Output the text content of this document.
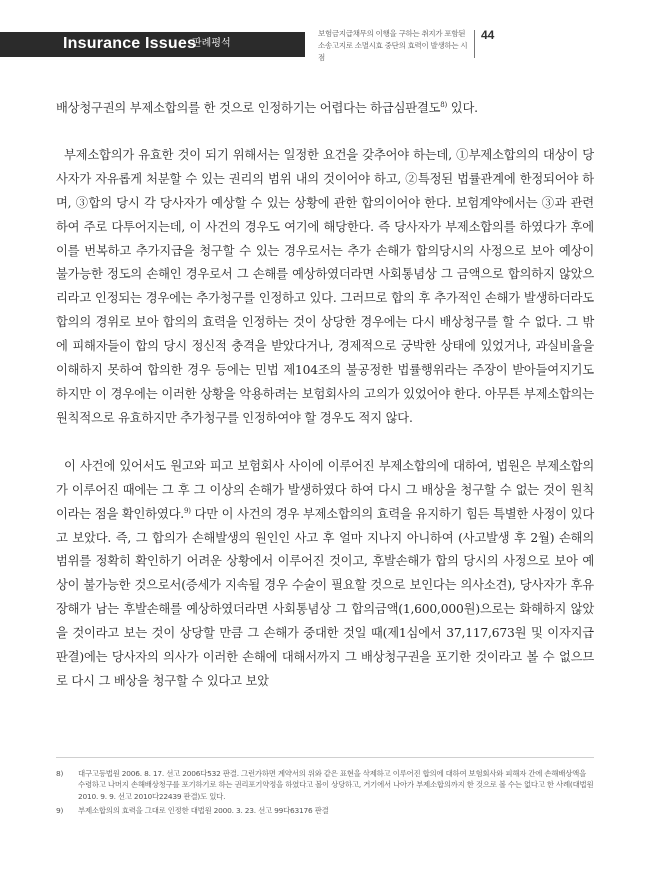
Insurance Issues
판례평석
보험금지급채무의 이행을 구하는 취지가 포함된 소송고지로 소멸시효 중단의 효력이 발생하는 시점
44

배상청구권의 부제소합의를 한 것으로 인정하기는 어렵다는 하급심판결도$^{8)}$ 있다.

부제소합의가 유효한 것이 되기 위해서는 일정한 요건을 갖추어야 하는데, ①부제소합의의 대상이 당사자가 자유롭게 처분할 수 있는 권리의 범위 내의 것이어야 하고, ②특정된 법률관계에 한정되어야 하며, ③합의 당시 각 당사자가 예상할 수 있는 상황에 관한 합의이어야 한다. 보험계약에서는 ③과 관련하여 주로 다투어지는데, 이 사건의 경우도 여기에 해당한다. 즉 당사자가 부제소합의를 하였다가 후에 이를 번복하고 추가지급을 청구할 수 있는 경우로서는 추가 손해가 합의당시의 사정으로 보아 예상이 불가능한 정도의 손해인 경우로서 그 손해를 예상하였더라면 사회통념상 그 금액으로 합의하지 않았으리라고 인정되는 경우에는 추가청구를 인정하고 있다. 그러므로 합의 후 추가적인 손해가 발생하더라도 합의의 경위로 보아 합의의 효력을 인정하는 것이 상당한 경우에는 다시 배상청구를 할 수 없다. 그 밖에 피해자들이 합의 당시 정신적 충격을 받았다거나, 경제적으로 궁박한 상태에 있었거나, 과실비율을 이해하지 못하여 합의한 경우 등에는 민법 제104조의 불공정한 법률행위라는 주장이 받아들여지기도 하지만 이 경우에는 이러한 상황을 악용하려는 보험회사의 고의가 있었어야 한다. 아무튼 부제소합의는 원칙적으로 유효하지만 추가청구를 인정하여야 할 경우도 적지 않다.

이 사건에 있어서도 원고와 피고 보험회사 사이에 이루어진 부제소합의에 대하여, 법원은 부제소합의가 이루어진 때에는 그 후 그 이상의 손해가 발생하였다 하여 다시 그 배상을 청구할 수 없는 것이 원칙이라는 점을 확인하였다.$^{9)}$ 다만 이 사건의 경우 부제소합의의 효력을 유지하기 힘든 특별한 사정이 있다고 보았다. 즉, 그 합의가 손해발생의 원인인 사고 후 얼마 지나지 아니하여 (사고발생 후 2월) 손해의 범위를 정확히 확인하기 어려운 상황에서 이루어진 것이고, 후발손해가 합의 당시의 사정으로 보아 예상이 불가능한 것으로서(증세가 지속될 경우 수술이 필요할 것으로 보인다는 의사소견), 당사자가 후유장해가 남는 후발손해를 예상하였더라면 사회통념상 그 합의금액(1,600,000원)으로는 화해하지 않았을 것이라고 보는 것이 상당할 만큼 그 손해가 중대한 것일 때(제1심에서 37,117,673원 및 이자지급 판결)에는 당사자의 의사가 이러한 손해에 대해서까지 그 배상청구권을 포기한 것이라고 볼 수 없으므로 다시 그 배상을 청구할 수 있다고 보았

8)	대구고등법원 2006. 8. 17. 선고 2006다532 판결. 그런가하면 계약서의 위와 같은 표현을 삭제하고 이루어진 합의에 대하여 보험회사와 피해자 간에 손해배상액을 수령하고 나머지 손해배상청구를 포기하기로 하는 권리포기약정을 하였다고 볼이 상당하고, 거기에서 나아가 부제소합의까지 한 것으로 볼 수는 없다고 한 사례(대법원 2010. 9. 9. 선고 2010다22439 판결)도 있다.
9)	부제소합의의 효력을 그대로 인정한 대법원 2000. 3. 23. 선고 99다63176 판결
